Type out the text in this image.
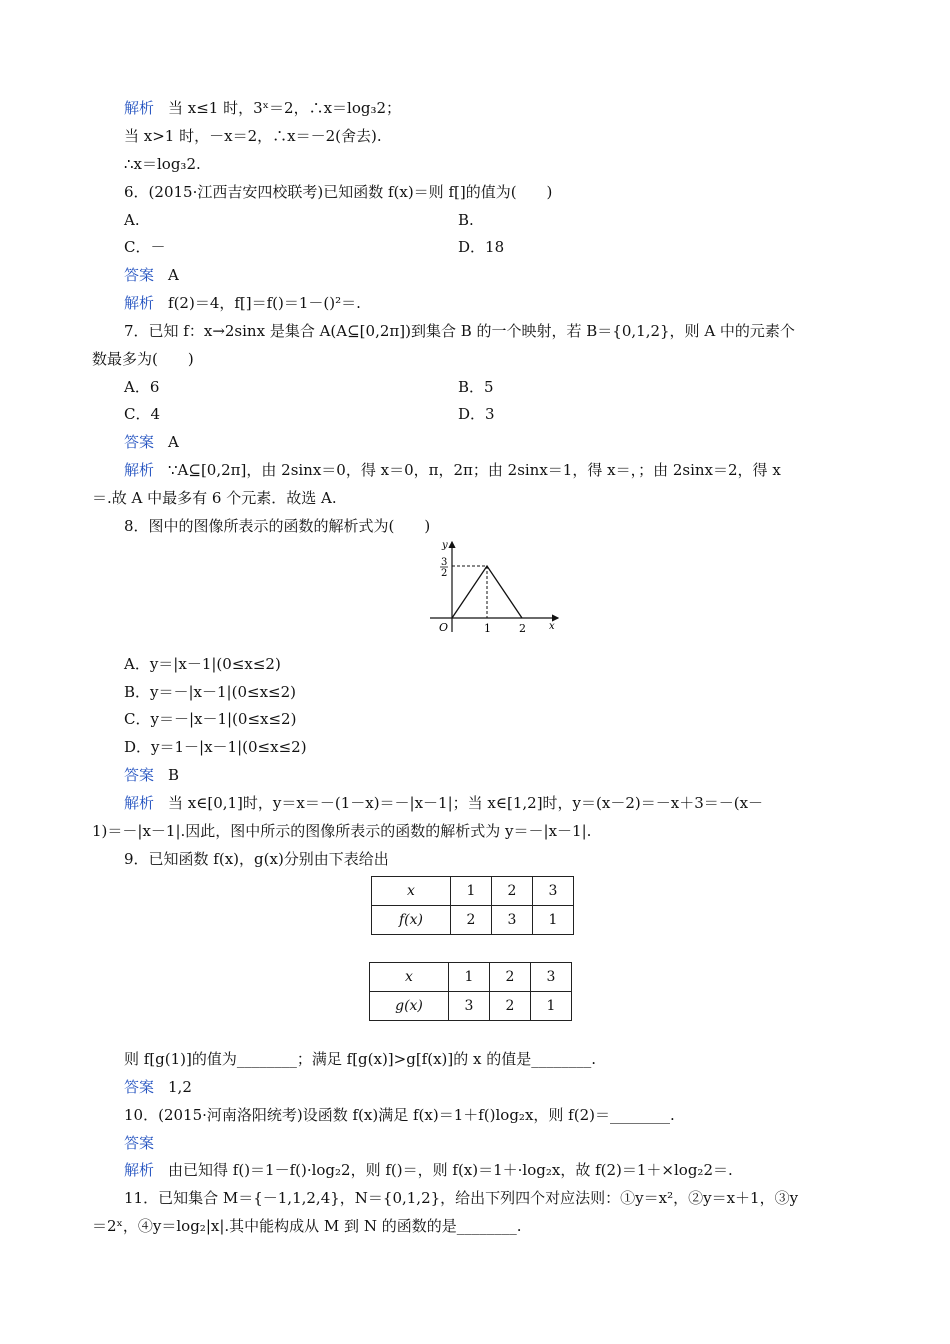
解析 当 x≤1 时，3ˣ＝2，∴x＝log₃2；
当 x>1 时，－x＝2，∴x＝－2(舍去).
∴x＝log₃2.
6．(2015·江西吉安四校联考)已知函数 f(x)＝则 f[]的值为(　　)
A.	B.
C．－	D．18
答案 A
解析 f(2)＝4，f[]＝f()＝1－()²＝.
7．已知 f：x→2sinx 是集合 A(A⊆[0,2π])到集合 B 的一个映射，若 B＝{0,1,2}，则 A 中的元素个
数最多为(　　)
A．6	B．5
C．4	D．3
答案 A
解析 ∵A⊆[0,2π]，由 2sinx＝0，得 x＝0，π，2π；由 2sinx＝1，得 x＝，；由 2sinx＝2，得 x
＝.故 A 中最多有 6 个元素．故选 A.
8．图中的图像所表示的函数的解析式为(　　)
y
x
O	1	2
3
2
A．y＝|x－1|(0≤x≤2)
B．y＝－|x－1|(0≤x≤2)
C．y＝－|x－1|(0≤x≤2)
D．y＝1－|x－1|(0≤x≤2)
答案 B
解析 当 x∈[0,1]时，y＝x＝－(1－x)＝－|x－1|；当 x∈[1,2]时，y＝(x－2)＝－x＋3＝－(x－
1)＝－|x－1|.因此，图中所示的图像所表示的函数的解析式为 y＝－|x－1|.
9．已知函数 f(x)，g(x)分别由下表给出
x	1	2	3
f(x)	2	3	1
x	1	2	3
g(x)	3	2	1
则 f[g(1)]的值为________；满足 f[g(x)]>g[f(x)]的 x 的值是________.
答案 1,2
10．(2015·河南洛阳统考)设函数 f(x)满足 f(x)＝1＋f()log₂x，则 f(2)＝________.
答案
解析 由已知得 f()＝1－f()·log₂2，则 f()＝，则 f(x)＝1＋·log₂x，故 f(2)＝1＋×log₂2＝.
11．已知集合 M＝{－1,1,2,4}，N＝{0,1,2}，给出下列四个对应法则：①y＝x²，②y＝x＋1，③y
＝2ˣ，④y＝log₂|x|.其中能构成从 M 到 N 的函数的是________.
